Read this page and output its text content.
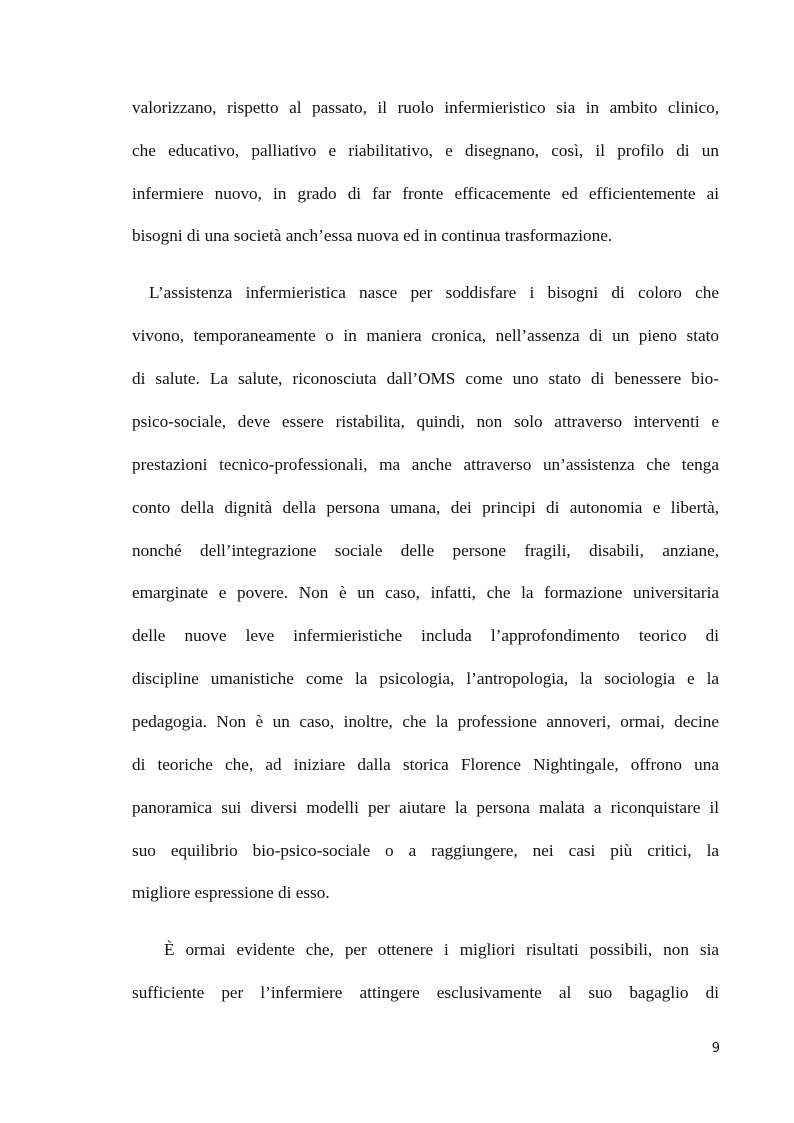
valorizzano, rispetto al passato, il ruolo infermieristico sia in ambito clinico,
che educativo, palliativo e riabilitativo, e disegnano, così, il profilo di un
infermiere nuovo, in grado di far fronte efficacemente ed efficientemente ai
bisogni di una società anch’essa nuova ed in continua trasformazione.
L’assistenza infermieristica nasce per soddisfare i bisogni di coloro che
vivono, temporaneamente o in maniera cronica, nell’assenza di un pieno stato
di salute. La salute, riconosciuta dall’OMS come uno stato di benessere bio-
psico-sociale, deve essere ristabilita, quindi, non solo attraverso interventi e
prestazioni tecnico-professionali, ma anche attraverso un’assistenza che tenga
conto della dignità della persona umana, dei principi di autonomia e libertà,
nonché dell’integrazione sociale delle persone fragili, disabili, anziane,
emarginate e povere. Non è un caso, infatti, che la formazione universitaria
delle nuove leve infermieristiche includa l’approfondimento teorico di
discipline umanistiche come la psicologia, l’antropologia, la sociologia e la
pedagogia. Non è un caso, inoltre, che la professione annoveri, ormai, decine
di teoriche che, ad iniziare dalla storica Florence Nightingale, offrono una
panoramica sui diversi modelli per aiutare la persona malata a riconquistare il
suo equilibrio bio-psico-sociale o a raggiungere, nei casi più critici, la
migliore espressione di esso.
È ormai evidente che, per ottenere i migliori risultati possibili, non sia
sufficiente per l’infermiere attingere esclusivamente al suo bagaglio di
9
